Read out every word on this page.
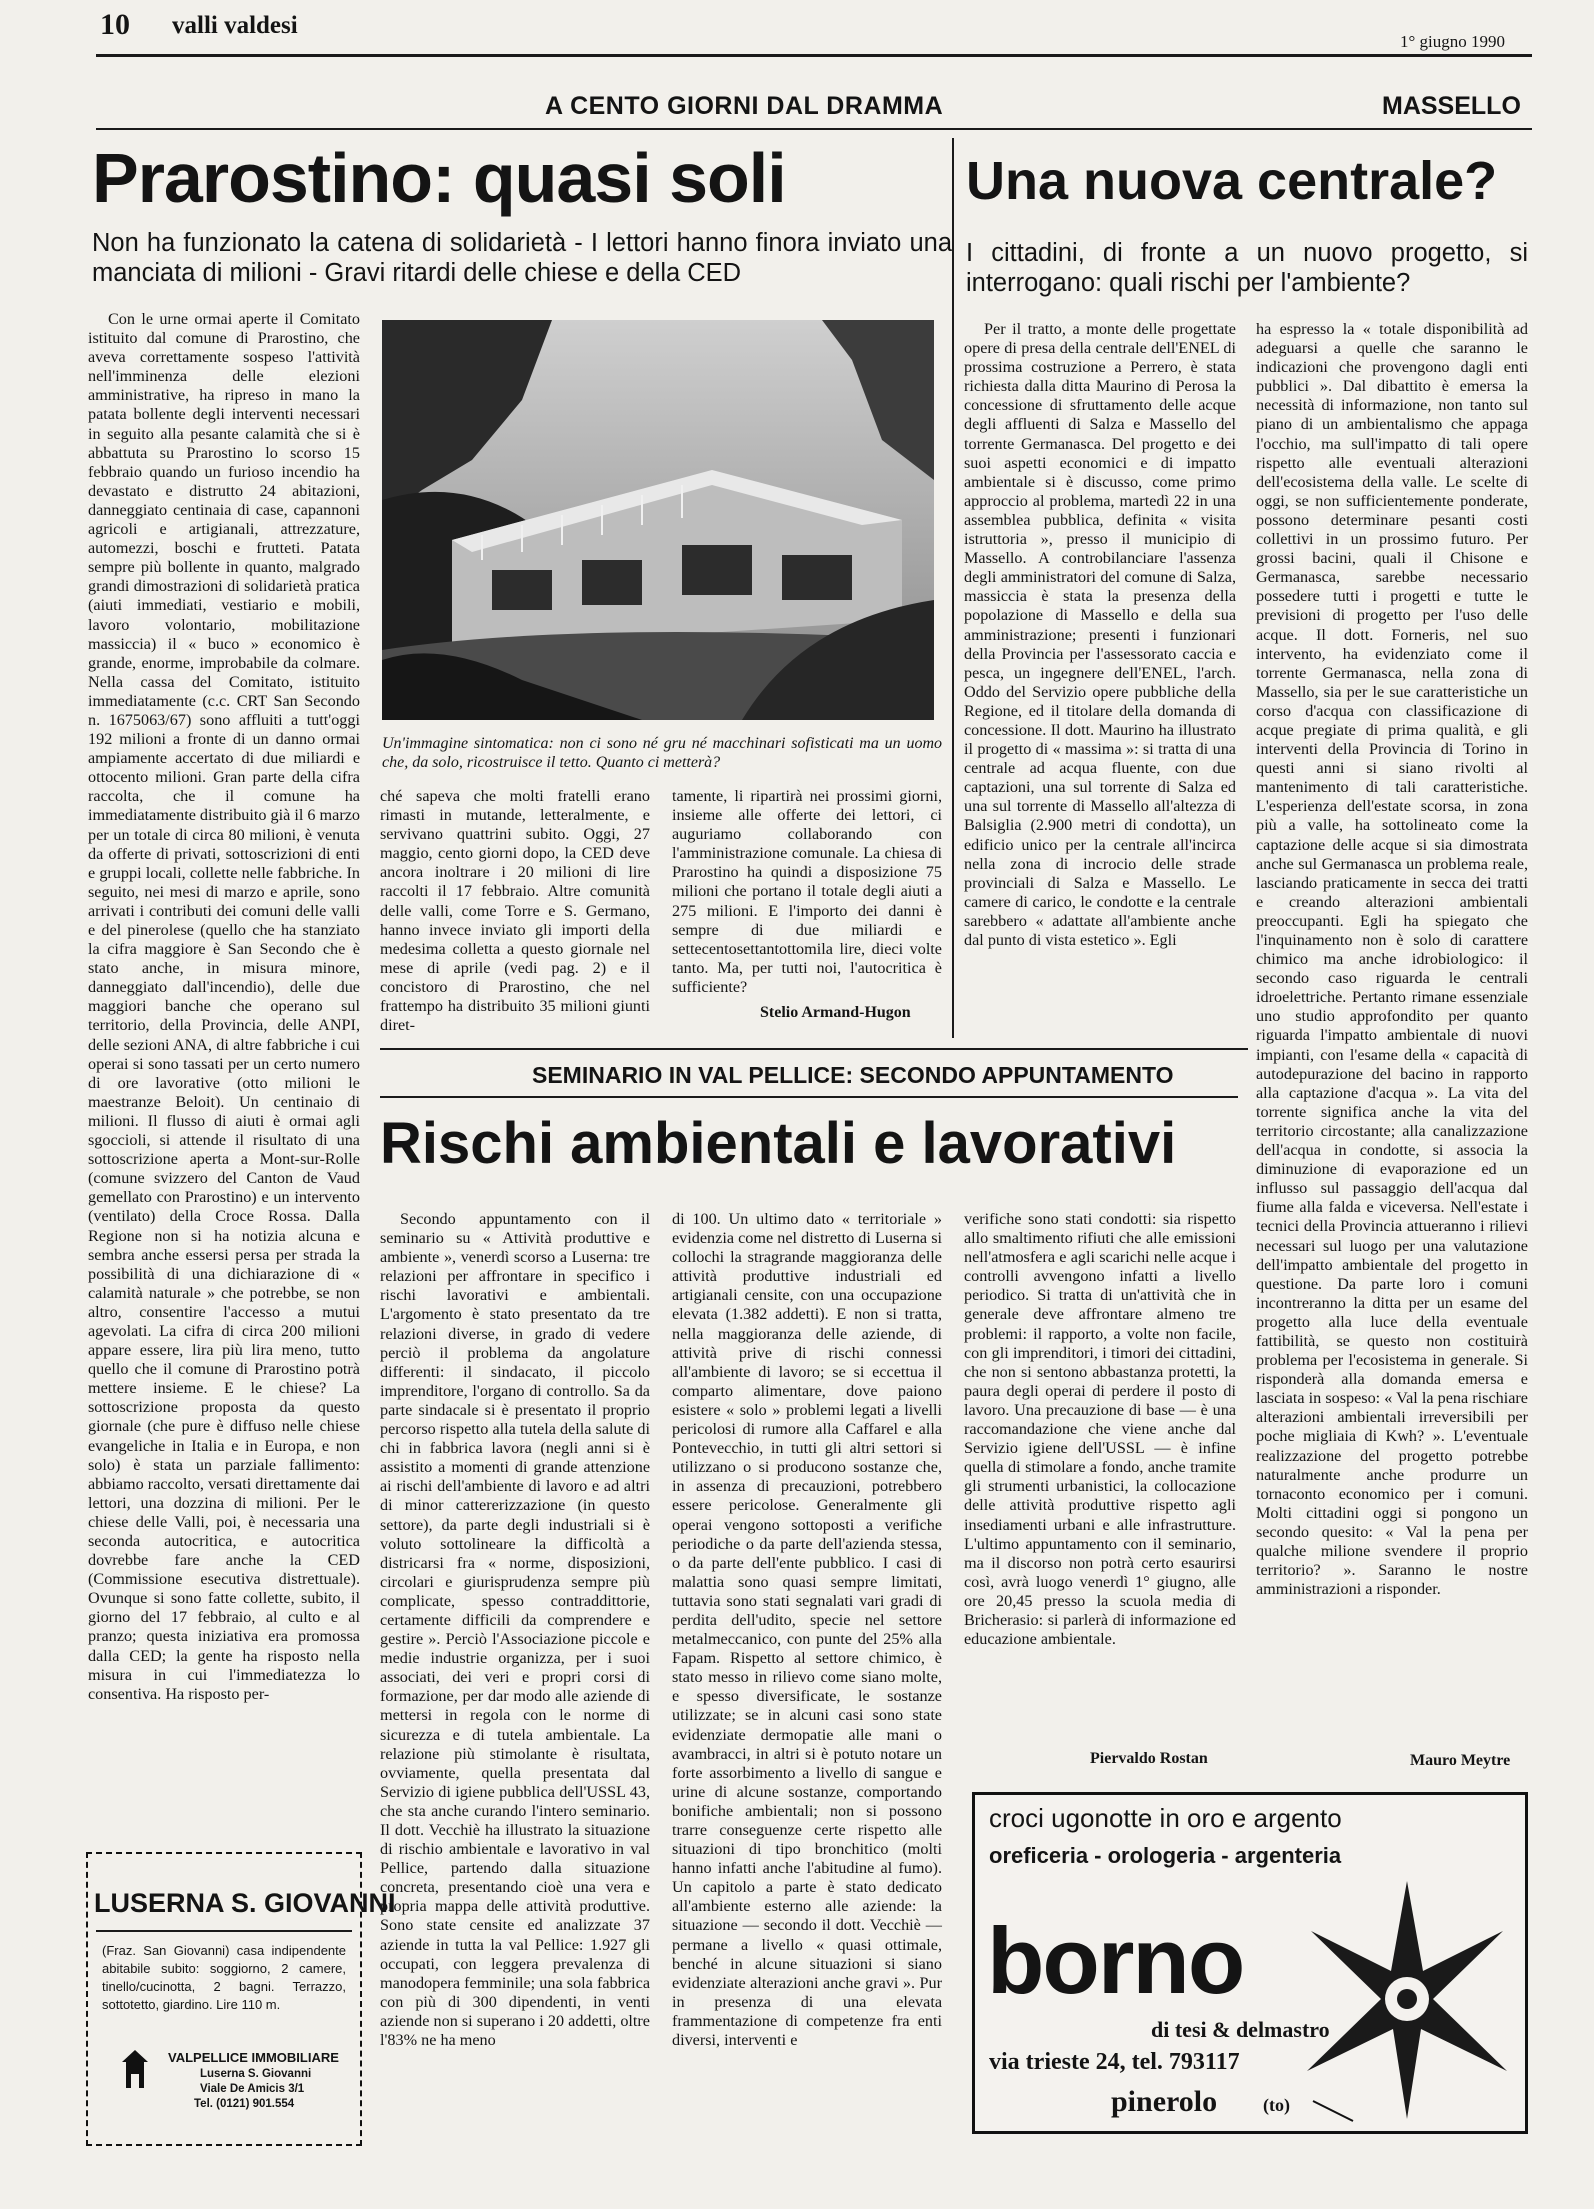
10 valli valdesi
1° giugno 1990
A CENTO GIORNI DAL DRAMMA
Prarostino: quasi soli
Non ha funzionato la catena di solidarietà - I lettori hanno finora inviato una manciata di milioni - Gravi ritardi delle chiese e della CED
MASSELLO
Una nuova centrale?
I cittadini, di fronte a un nuovo progetto, si interrogano: quali rischi per l'ambiente?

Con le urne ormai aperte il Comitato istituito dal comune di Prarostino, che aveva correttamente sospeso l'attività nell'imminenza delle elezioni amministrative, ha ripreso in mano la patata bollente degli interventi necessari in seguito alla pesante calamità che si è abbattuta su Prarostino lo scorso 15 febbraio quando un furioso incendio ha devastato e distrutto 24 abitazioni, danneggiato centinaia di case, capannoni agricoli e artigianali, attrezzature, automezzi, boschi e frutteti. Patata sempre più bollente in quanto, malgrado grandi dimostrazioni di solidarietà pratica (aiuti immediati, vestiario e mobili, lavoro volontario, mobilitazione massiccia) il « buco » economico è grande, enorme, improbabile da colmare. Nella cassa del Comitato, istituito immediatamente (c.c. CRT San Secondo n. 1675063/67) sono affluiti a tutt'oggi 192 milioni a fronte di un danno ormai ampiamente accertato di due miliardi e ottocento milioni. Gran parte della cifra raccolta, che il comune ha immediatamente distribuito già il 6 marzo per un totale di circa 80 milioni, è venuta da offerte di privati, sottoscrizioni di enti e gruppi locali, collette nelle fabbriche. In seguito, nei mesi di marzo e aprile, sono arrivati i contributi dei comuni delle valli e del pinerolese (quello che ha stanziato la cifra maggiore è San Secondo che è stato anche, in misura minore, danneggiato dall'incendio), delle due maggiori banche che operano sul territorio, della Provincia, delle ANPI, delle sezioni ANA, di altre fabbriche i cui operai si sono tassati per un certo numero di ore lavorative (otto milioni le maestranze Beloit). Un centinaio di milioni. Il flusso di aiuti è ormai agli sgoccioli, si attende il risultato di una sottoscrizione aperta a Mont-sur-Rolle (comune svizzero del Canton de Vaud gemellato con Prarostino) e un intervento (ventilato) della Croce Rossa. Dalla Regione non si ha notizia alcuna e sembra anche essersi persa per strada la possibilità di una dichiarazione di « calamità naturale » che potrebbe, se non altro, consentire l'accesso a mutui agevolati. La cifra di circa 200 milioni appare essere, lira più lira meno, tutto quello che il comune di Prarostino potrà mettere insieme. E le chiese? La sottoscrizione proposta da questo giornale (che pure è diffuso nelle chiese evangeliche in Italia e in Europa, e non solo) è stata un parziale fallimento: abbiamo raccolto, versati direttamente dai lettori, una dozzina di milioni. Per le chiese delle Valli, poi, è necessaria una seconda autocritica, e autocritica dovrebbe fare anche la CED (Commissione esecutiva distrettuale). Ovunque si sono fatte collette, subito, il giorno del 17 febbraio, al culto e al pranzo; questa iniziativa era promossa dalla CED; la gente ha risposto nella misura in cui l'immediatezza lo consentiva. Ha risposto per-

Un'immagine sintomatica: non ci sono né gru né macchinari sofisticati ma un uomo che, da solo, ricostruisce il tetto. Quanto ci metterà?

ché sapeva che molti fratelli erano rimasti in mutande, letteralmente, e servivano quattrini subito. Oggi, 27 maggio, cento giorni dopo, la CED deve ancora inoltrare i 20 milioni di lire raccolti il 17 febbraio. Altre comunità delle valli, come Torre e S. Germano, hanno invece inviato gli importi della medesima colletta a questo giornale nel mese di aprile (vedi pag. 2) e il concistoro di Prarostino, che nel frattempo ha distribuito 35 milioni giunti diret-

tamente, li ripartirà nei prossimi giorni, insieme alle offerte dei lettori, ci auguriamo collaborando con l'amministrazione comunale. La chiesa di Prarostino ha quindi a disposizione 75 milioni che portano il totale degli aiuti a 275 milioni. E l'importo dei danni è sempre di due miliardi e settecentosettantottomila lire, dieci volte tanto. Ma, per tutti noi, l'autocritica è sufficiente?

Stelio Armand-Hugon
SEMINARIO IN VAL PELLICE: SECONDO APPUNTAMENTO
Rischi ambientali e lavorativi

Secondo appuntamento con il seminario su « Attività produttive e ambiente », venerdì scorso a Luserna: tre relazioni per affrontare in specifico i rischi lavorativi e ambientali. L'argomento è stato presentato da tre relazioni diverse, in grado di vedere perciò il problema da angolature differenti: il sindacato, il piccolo imprenditore, l'organo di controllo. Sa da parte sindacale si è presentato il proprio percorso rispetto alla tutela della salute di chi in fabbrica lavora (negli anni si è assistito a momenti di grande attenzione ai rischi dell'ambiente di lavoro e ad altri di minor cattererizzazione (in questo settore), da parte degli industriali si è voluto sottolineare la difficoltà a districarsi fra « norme, disposizioni, circolari e giurisprudenza sempre più complicate, spesso contraddittorie, certamente difficili da comprendere e gestire ». Perciò l'Associazione piccole e medie industrie organizza, per i suoi associati, dei veri e propri corsi di formazione, per dar modo alle aziende di mettersi in regola con le norme di sicurezza e di tutela ambientale. La relazione più stimolante è risultata, ovviamente, quella presentata dal Servizio di igiene pubblica dell'USSL 43, che sta anche curando l'intero seminario. Il dott. Vecchiè ha illustrato la situazione di rischio ambientale e lavorativo in val Pellice, partendo dalla situazione concreta, presentando cioè una vera e propria mappa delle attività produttive. Sono state censite ed analizzate 37 aziende in tutta la val Pellice: 1.927 gli occupati, con leggera prevalenza di manodopera femminile; una sola fabbrica con più di 300 dipendenti, in venti aziende non si superano i 20 addetti, oltre l'83% ne ha meno

di 100. Un ultimo dato « territoriale » evidenzia come nel distretto di Luserna si collochi la stragrande maggioranza delle attività produttive industriali ed artigianali censite, con una occupazione elevata (1.382 addetti). E non si tratta, nella maggioranza delle aziende, di attività prive di rischi connessi all'ambiente di lavoro; se si eccettua il comparto alimentare, dove paiono esistere « solo » problemi legati a livelli pericolosi di rumore alla Caffarel e alla Pontevecchio, in tutti gli altri settori si utilizzano o si producono sostanze che, in assenza di precauzioni, potrebbero essere pericolose. Generalmente gli operai vengono sottoposti a verifiche periodiche o da parte dell'azienda stessa, o da parte dell'ente pubblico. I casi di malattia sono quasi sempre limitati, tuttavia sono stati segnalati vari gradi di perdita dell'udito, specie nel settore metalmeccanico, con punte del 25% alla Fapam. Rispetto al settore chimico, è stato messo in rilievo come siano molte, e spesso diversificate, le sostanze utilizzate; se in alcuni casi sono state evidenziate dermopatie alle mani o avambracci, in altri si è potuto notare un forte assorbimento a livello di sangue e urine di alcune sostanze, comportando bonifiche ambientali; non si possono trarre conseguenze certe rispetto alle situazioni di tipo bronchitico (molti hanno infatti anche l'abitudine al fumo). Un capitolo a parte è stato dedicato all'ambiente esterno alle aziende: la situazione — secondo il dott. Vecchiè — permane a livello « quasi ottimale, benché in alcune situazioni si siano evidenziate alterazioni anche gravi ». Pur in presenza di una elevata frammentazione di competenze fra enti diversi, interventi e

verifiche sono stati condotti: sia rispetto allo smaltimento rifiuti che alle emissioni nell'atmosfera e agli scarichi nelle acque i controlli avvengono infatti a livello periodico. Si tratta di un'attività che in generale deve affrontare almeno tre problemi: il rapporto, a volte non facile, con gli imprenditori, i timori dei cittadini, che non si sentono abbastanza protetti, la paura degli operai di perdere il posto di lavoro. Una precauzione di base — è una raccomandazione che viene anche dal Servizio igiene dell'USSL — è infine quella di stimolare a fondo, anche tramite gli strumenti urbanistici, la collocazione delle attività produttive rispetto agli insediamenti urbani e alle infrastrutture. L'ultimo appuntamento con il seminario, ma il discorso non potrà certo esaurirsi così, avrà luogo venerdì 1° giugno, alle ore 20,45 presso la scuola media di Bricherasio: si parlerà di informazione ed educazione ambientale.

Piervaldo Rostan

Per il tratto, a monte delle progettate opere di presa della centrale dell'ENEL di prossima costruzione a Perrero, è stata richiesta dalla ditta Maurino di Perosa la concessione di sfruttamento delle acque degli affluenti di Salza e Massello del torrente Germanasca. Del progetto e dei suoi aspetti economici e di impatto ambientale si è discusso, come primo approccio al problema, martedì 22 in una assemblea pubblica, definita « visita istruttoria », presso il municipio di Massello. A controbilanciare l'assenza degli amministratori del comune di Salza, massiccia è stata la presenza della popolazione di Massello e della sua amministrazione; presenti i funzionari della Provincia per l'assessorato caccia e pesca, un ingegnere dell'ENEL, l'arch. Oddo del Servizio opere pubbliche della Regione, ed il titolare della domanda di concessione. Il dott. Maurino ha illustrato il progetto di « massima »: si tratta di una centrale ad acqua fluente, con due captazioni, una sul torrente di Salza ed una sul torrente di Massello all'altezza di Balsiglia (2.900 metri di condotta), un edificio unico per la centrale all'incirca nella zona di incrocio delle strade provinciali di Salza e Massello. Le camere di carico, le condotte e la centrale sarebbero « adattate all'ambiente anche dal punto di vista estetico ». Egli

ha espresso la « totale disponibilità ad adeguarsi a quelle che saranno le indicazioni che provengono dagli enti pubblici ». Dal dibattito è emersa la necessità di informazione, non tanto sul piano di un ambientalismo che appaga l'occhio, ma sull'impatto di tali opere rispetto alle eventuali alterazioni dell'ecosistema della valle. Le scelte di oggi, se non sufficientemente ponderate, possono determinare pesanti costi collettivi in un prossimo futuro. Per grossi bacini, quali il Chisone e Germanasca, sarebbe necessario possedere tutti i progetti e tutte le previsioni di progetto per l'uso delle acque. Il dott. Forneris, nel suo intervento, ha evidenziato come il torrente Germanasca, nella zona di Massello, sia per le sue caratteristiche un corso d'acqua con classificazione di acque pregiate di prima qualità, e gli interventi della Provincia di Torino in questi anni si siano rivolti al mantenimento di tali caratteristiche. L'esperienza dell'estate scorsa, in zona più a valle, ha sottolineato come la captazione delle acque si sia dimostrata anche sul Germanasca un problema reale, lasciando praticamente in secca dei tratti e creando alterazioni ambientali preoccupanti. Egli ha spiegato che l'inquinamento non è solo di carattere chimico ma anche idrobiologico: il secondo caso riguarda le centrali idroelettriche. Pertanto rimane essenziale uno studio approfondito per quanto riguarda l'impatto ambientale di nuovi impianti, con l'esame della « capacità di autodepurazione del bacino in rapporto alla captazione d'acqua ». La vita del torrente significa anche la vita del territorio circostante; alla canalizzazione dell'acqua in condotte, si associa la diminuzione di evaporazione ed un influsso sul passaggio dell'acqua dal fiume alla falda e viceversa. Nell'estate i tecnici della Provincia attueranno i rilievi necessari sul luogo per una valutazione dell'impatto ambientale del progetto in questione. Da parte loro i comuni incontreranno la ditta per un esame del progetto alla luce della eventuale fattibilità, se questo non costituirà problema per l'ecosistema in generale. Si risponderà alla domanda emersa e lasciata in sospeso: « Val la pena rischiare alterazioni ambientali irreversibili per poche migliaia di Kwh? ». L'eventuale realizzazione del progetto potrebbe naturalmente anche produrre un tornaconto economico per i comuni. Molti cittadini oggi si pongono un secondo quesito: « Val la pena per qualche milione svendere il proprio territorio? ». Saranno le nostre amministrazioni a risponder.

Mauro Meytre
LUSERNA S. GIOVANNI
(Fraz. San Giovanni) casa indipendente abitabile subito: soggiorno, 2 camere, tinello/cucinotta, 2 bagni. Terrazzo, sottotetto, giardino. Lire 110 m.
VALPELLICE IMMOBILIARE
Luserna S. Giovanni
Viale De Amicis 3/1
Tel. (0121) 901.554
croci ugonotte in oro e argento
oreficeria - orologeria - argenteria
borno
di tesi & delmastro
via trieste 24, tel. 793117
pinerolo	(to)
